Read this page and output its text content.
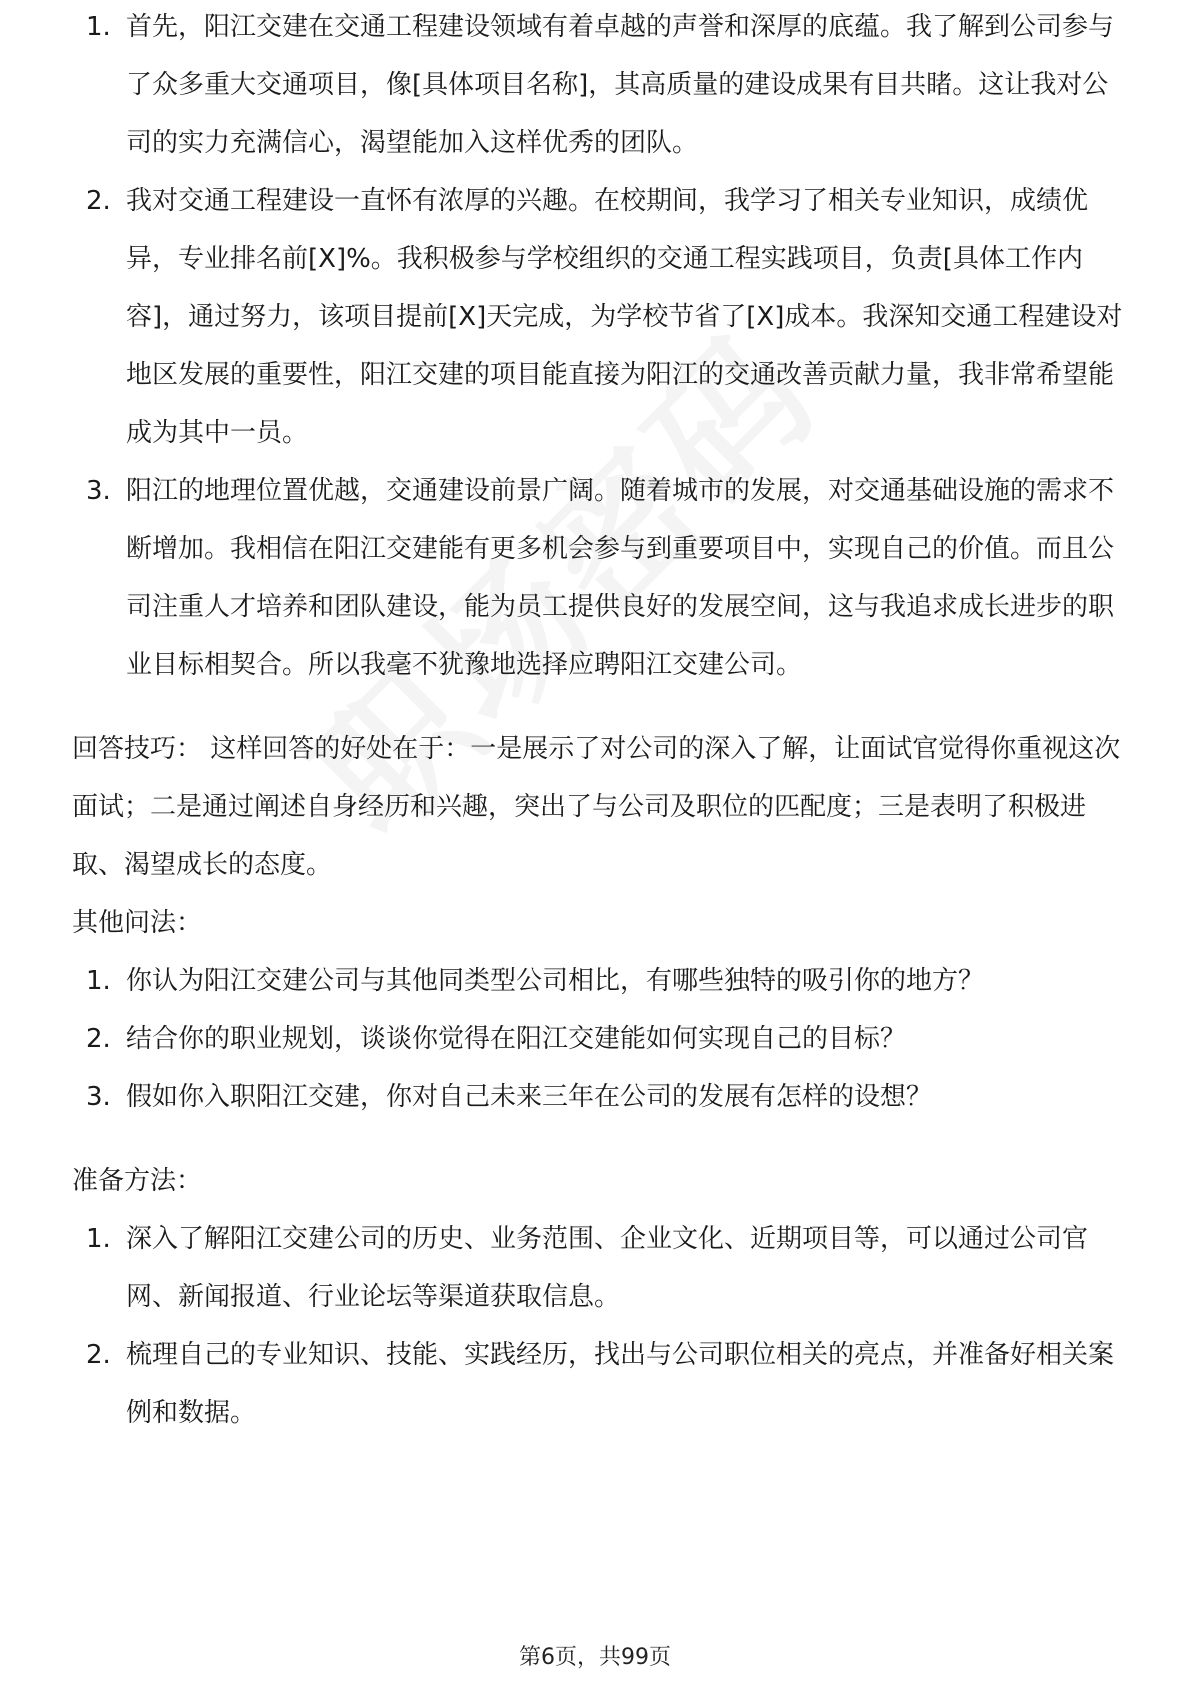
1. 首先，阳江交建在交通工程建设领域有着卓越的声誉和深厚的底蕴。我了解到公司参与了众多重大交通项目，像[具体项目名称]，其高质量的建设成果有目共睹。这让我对公司的实力充满信心，渴望能加入这样优秀的团队。
2. 我对交通工程建设一直怀有浓厚的兴趣。在校期间，我学习了相关专业知识，成绩优异，专业排名前[X]%。我积极参与学校组织的交通工程实践项目，负责[具体工作内容]，通过努力，该项目提前[X]天完成，为学校节省了[X]成本。我深知交通工程建设对地区发展的重要性，阳江交建的项目能直接为阳江的交通改善贡献力量，我非常希望能成为其中一员。
3. 阳江的地理位置优越，交通建设前景广阔。随着城市的发展，对交通基础设施的需求不断增加。我相信在阳江交建能有更多机会参与到重要项目中，实现自己的价值。而且公司注重人才培养和团队建设，能为员工提供良好的发展空间，这与我追求成长进步的职业目标相契合。所以我毫不犹豫地选择应聘阳江交建公司。

回答技巧： 这样回答的好处在于：一是展示了对公司的深入了解，让面试官觉得你重视这次面试；二是通过阐述自身经历和兴趣，突出了与公司及职位的匹配度；三是表明了积极进取、渴望成长的态度。

其他问法：

1. 你认为阳江交建公司与其他同类型公司相比，有哪些独特的吸引你的地方？
2. 结合你的职业规划，谈谈你觉得在阳江交建能如何实现自己的目标？
3. 假如你入职阳江交建，你对自己未来三年在公司的发展有怎样的设想？

准备方法：

1. 深入了解阳江交建公司的历史、业务范围、企业文化、近期项目等，可以通过公司官网、新闻报道、行业论坛等渠道获取信息。
2. 梳理自己的专业知识、技能、实践经历，找出与公司职位相关的亮点，并准备好相关案例和数据。
第6页，共99页
